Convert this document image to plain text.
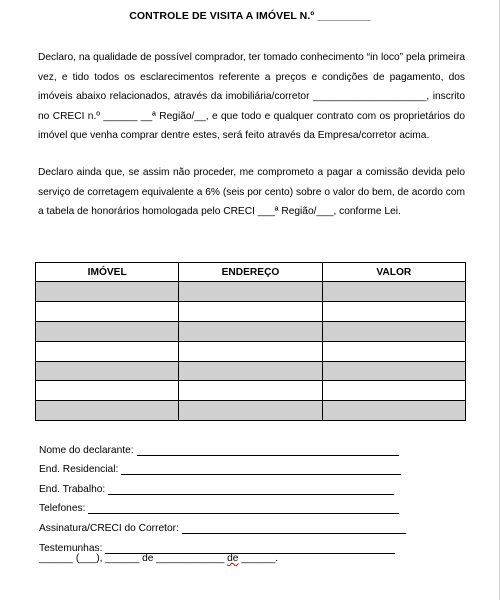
CONTROLE DE VISITA A IMÓVEL N.º _________

Declaro, na qualidade de possível comprador, ter tomado conhecimento “in loco” pela primeira vez, e tido todos os esclarecimentos referente a preços e condições de pagamento, dos imóveis abaixo relacionados, através da imobiliária/corretor ____________________, inscrito no CRECI n.º ______ __ª Região/__, e que todo e qualquer contrato com os proprietários do imóvel que venha comprar dentre estes, será feito através da Empresa/corretor acima.

Declaro ainda que, se assim não proceder, me comprometo a pagar a comissão devida pelo serviço de corretagem equivalente a 6% (seis por cento) sobre o valor do bem, de acordo com a tabela de honorários homologada pelo CRECI ___ª Região/___, conforme Lei.

IMÓVEL	ENDEREÇO	VALOR

Nome do declarante:
End. Residencial:
End. Trabalho:
Telefones:
Assinatura/CRECI do Corretor:
Testemunhas:
______ (___),
______ de ____________
de
______.
